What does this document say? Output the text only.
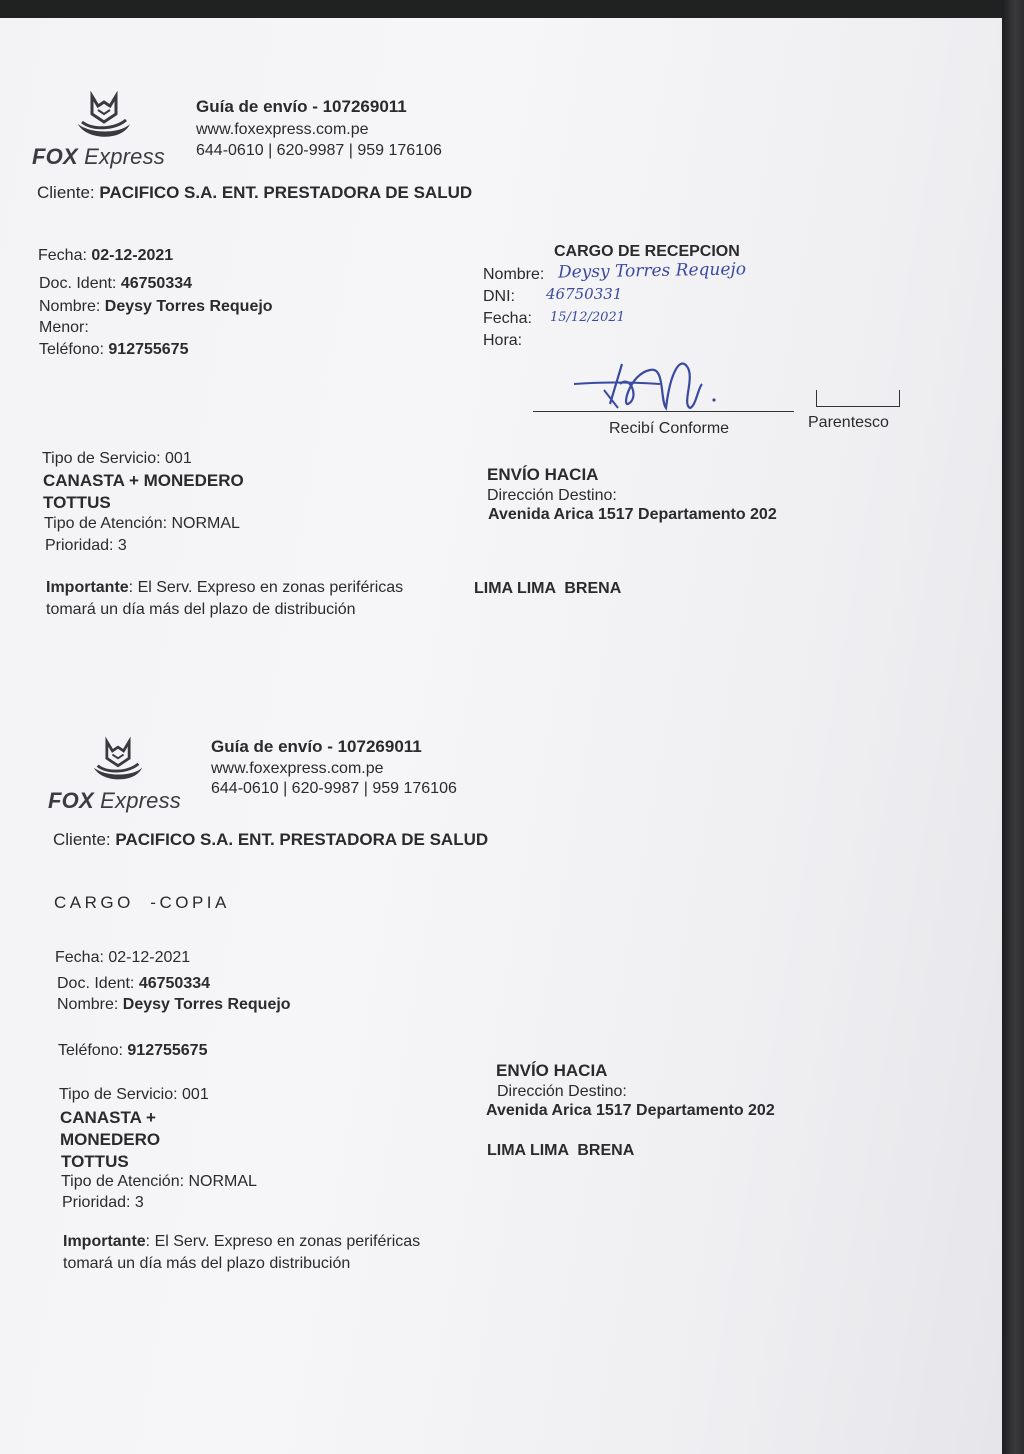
FOX Express
Guía de envío - 107269011
www.foxexpress.com.pe
644-0610 | 620-9987 | 959 176106
Cliente: PACIFICO S.A. ENT. PRESTADORA DE SALUD
Fecha: 02-12-2021
Doc. Ident: 46750334
Nombre: Deysy Torres Requejo
Menor:
Teléfono: 912755675
CARGO DE RECEPCION
Nombre: Deysy Torres Requejo
DNI: 46750331
Fecha: 15/12/2021
Hora:
Recibí Conforme	Parentesco
Tipo de Servicio: 001
CANASTA + MONEDERO
TOTTUS
Tipo de Atención: NORMAL
Prioridad: 3
Importante: El Serv. Expreso en zonas periféricas
tomará un día más del plazo de distribución
ENVÍO HACIA
Dirección Destino:
Avenida Arica 1517 Departamento 202
LIMA LIMA  BRENA
FOX Express
Guía de envío - 107269011
www.foxexpress.com.pe
644-0610 | 620-9987 | 959 176106
Cliente: PACIFICO S.A. ENT. PRESTADORA DE SALUD
CARGO  -COPIA
Fecha: 02-12-2021
Doc. Ident: 46750334
Nombre: Deysy Torres Requejo
Teléfono: 912755675
Tipo de Servicio: 001
CANASTA +
MONEDERO
TOTTUS
Tipo de Atención: NORMAL
Prioridad: 3
Importante: El Serv. Expreso en zonas periféricas
tomará un día más del plazo distribución
ENVÍO HACIA
Dirección Destino:
Avenida Arica 1517 Departamento 202
LIMA LIMA  BRENA
